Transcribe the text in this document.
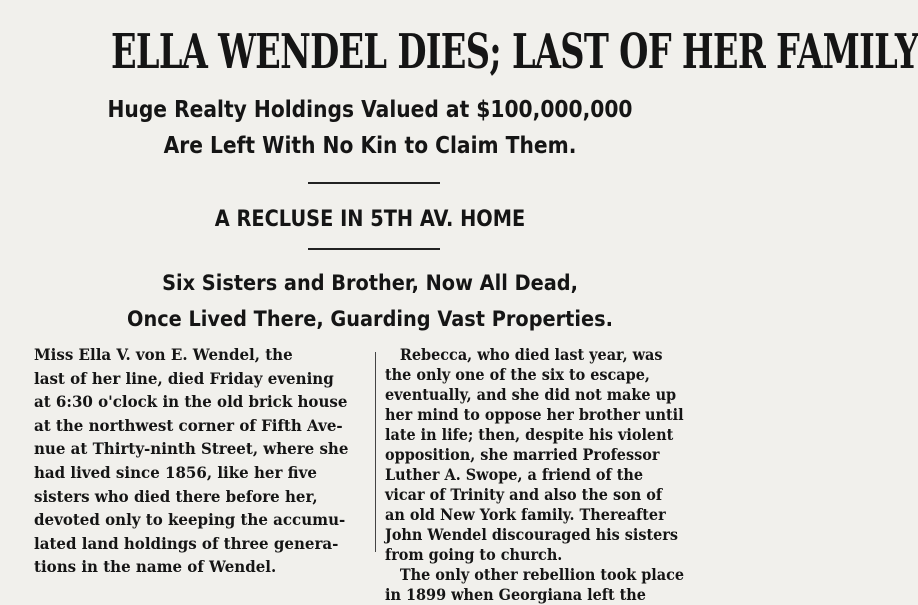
ELLA WENDEL DIES; LAST OF HER FAMILY
Huge Realty Holdings Valued at $100,000,000
Are Left With No Kin to Claim Them.
A RECLUSE IN 5TH AV. HOME
Six Sisters and Brother, Now All Dead,
Once Lived There, Guarding Vast Properties.
Miss Ella V. von E. Wendel, the
last of her line, died Friday evening
at 6:30 o'clock in the old brick house
at the northwest corner of Fifth Ave-
nue at Thirty-ninth Street, where she
had lived since 1856, like her five
sisters who died there before her,
devoted only to keeping the accumu-
lated land holdings of three genera-
tions in the name of Wendel.
Rebecca, who died last year, was
the only one of the six to escape,
eventually, and she did not make up
her mind to oppose her brother until
late in life; then, despite his violent
opposition, she married Professor
Luther A. Swope, a friend of the
vicar of Trinity and also the son of
an old New York family. Thereafter
John Wendel discouraged his sisters
from going to church.
The only other rebellion took place
in 1899 when Georgiana left the
